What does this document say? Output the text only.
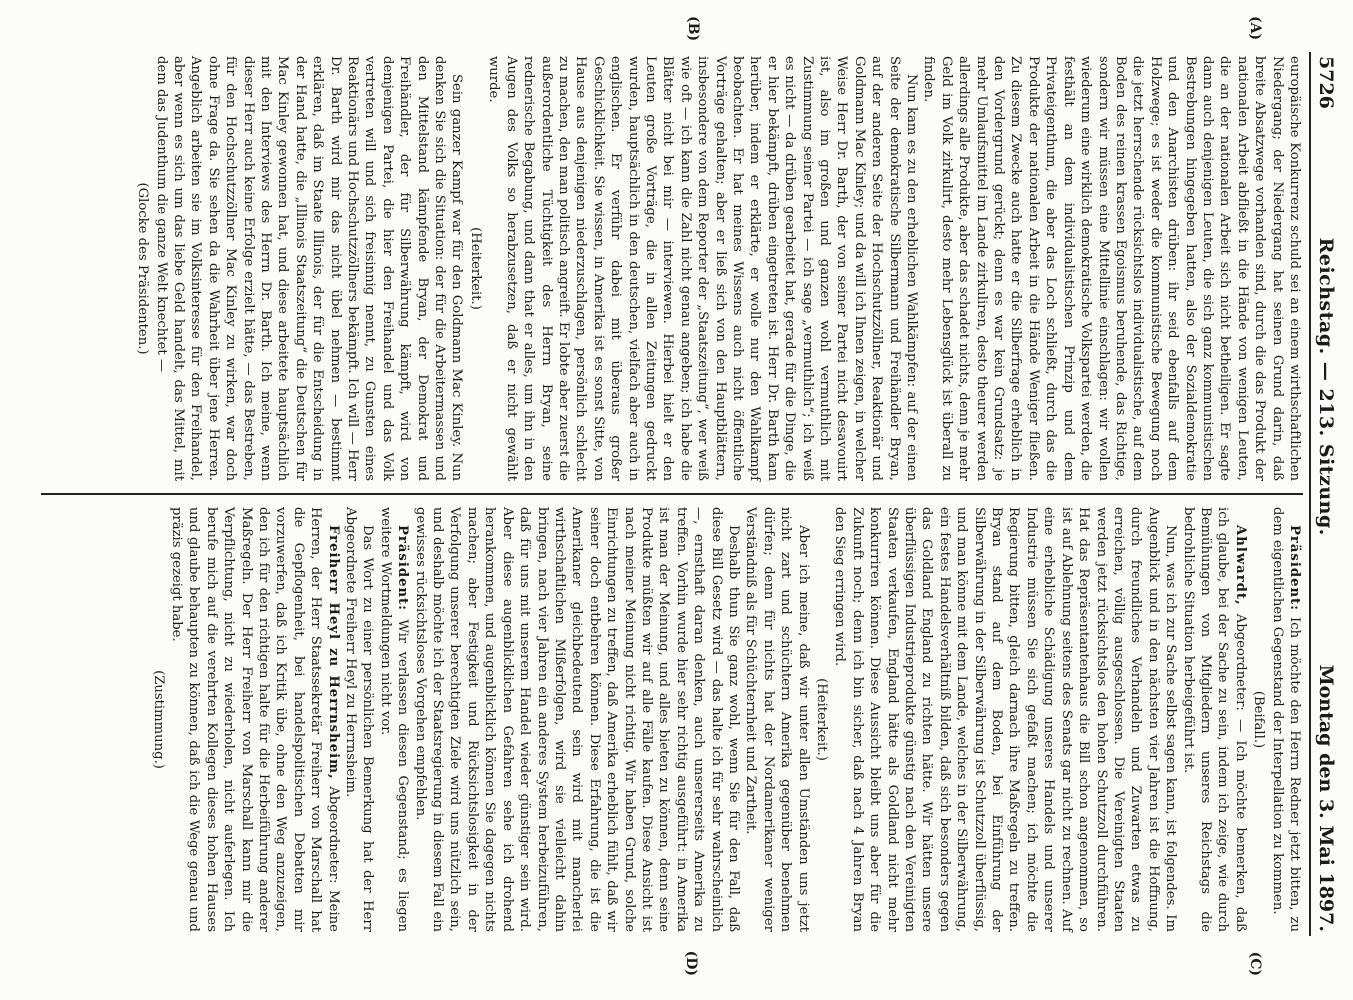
5726
Reichstag. — 213. Sitzung.
Montag den 3. Mai 1897.
(A)
(B)
(C)
(D)

europäische Konkurrenz schuld sei an einem wirthschaftlichen Niedergang; der Niedergang hat seinen Grund darin, daß breite Absatzwege vorhanden sind, durch die das Produkt der nationalen Arbeit abfließt in die Hände von wenigen Leuten, die an der nationalen Arbeit sich nicht betheiligen. Er sagte dann auch denjenigen Leuten, die sich ganz kommunistischen Bestrebungen hingegeben hatten, also der Sozialdemokratie und den Anarchisten drüben: ihr seid ebenfalls auf dem Holzwege; es ist weder die kommunistische Bewegung noch die jetzt herrschende rücksichtslos individualistische, auf dem Boden des reinen krassen Egoismus beruhende, das Richtige, sondern wir müssen eine Mittellinie einschlagen: wir wollen wiederum eine wirklich demokratische Volkspartei werden, die festhält an dem individualistischen Prinzip und dem Privateigenthum, die aber das Loch schließt, durch das die Produkte der nationalen Arbeit in die Hände Weniger fließen. Zu diesem Zwecke auch hatte er die Silberfrage erheblich in den Vordergrund gerückt; denn es war kein Grundsatz: je mehr Umlaufsmittel im Lande zirkuliren, desto theurer werden allerdings alle Produkte, aber das schadet nichts, denn je mehr Geld im Volk zirkulirt, desto mehr Lebensglück ist überall zu finden.

Nun kam es zu den erheblichen Wahlkämpfen: auf der einen Seite der demokratische Silbermann und Freihändler Bryan, auf der anderen Seite der Hochschutzzöllner, Reaktionär und Goldmann Mac Kinley; und da will ich Ihnen zeigen, in welcher Weise Herr Dr. Barth, der von seiner Partei nicht desavouirt ist, also im großen und ganzen wohl vermuthlich mit Zustimmung seiner Partei — ich sage „vermuthlich“; ich weiß es nicht — da drüben gearbeitet hat, gerade für die Dinge, die er hier bekämpft, drüben eingetreten ist. Herr Dr. Barth kam herüber, indem er erklärte, er wolle nur den Wahlkampf beobachten. Er hat meines Wissens auch nicht öffentliche Vorträge gehalten; aber er ließ sich von den Hauptblättern, insbesondere von dem Reporter der „Staatszeitung“, wer weiß wie oft — ich kann die Zahl nicht genau angeben; ich habe die Blätter nicht bei mir — interviewen. Hierbei hielt er den Leuten große Vorträge, die in allen Zeitungen gedruckt wurden, hauptsächlich in den deutschen, vielfach aber auch in englischen. Er verführ dabei mit überaus großer Geschicklichkeit. Sie wissen, in Amerika ist es sonst Sitte, von Hause aus denjenigen niederzuschlagen, persönlich schlecht zu machen, den man politisch angreift. Er lobte aber zuerst die außerordentliche Tüchtigkeit des Herrn Bryan, seine rednerische Begabung, und dann that er alles, um ihn in den Augen des Volks so herabzusetzen, daß er nicht gewählt wurde.

(Heiterkeit.)

Sein ganzer Kampf war für den Goldmann Mac Kinley. Nun denken Sie sich die Situation: der für die Arbeitermassen und den Mittelstand kämpfende Bryan, der Demokrat und Freihändler, der für Silberwährung kämpft, wird von demjenigen Partei, die hier den Freihandel und das Volk vertreten will und sich freisinnig nennt, zu Gunsten eines Reaktionärs und Hochschutzzöllners bekämpft. Ich will — Herr Dr. Barth wird mir das nicht übel nehmen — bestimmt erklären, daß im Staate Illinois, der für die Entscheidung in der Hand hatte, die „Illinois Staatszeitung“ die Deutschen für Mac Kinley gewonnen hat, und diese arbeitete hauptsächlich mit den Interviews des Herrn Dr. Barth. Ich meine, wenn dieser Herr auch keine Erfolge erzielt hätte, — das Bestreben, für den Hochschutzzöllner Mac Kinley zu wirken, war doch ohne Frage da. Sie sehen da die Wahrheit über jene Herren. Angeblich arbeiten sie im Volksinteresse für den Freihandel, aber wenn es sich um das liebe Geld handelt, das Mittel, mit dem das Judenthum die ganze Welt knechtet —

(Glocke des Präsidenten.)

Präsident: Ich möchte den Herrn Redner jetzt bitten, zu dem eigentlichen Gegenstand der Interpellation zu kommen.

(Beifall.)

Ahlwardt, Abgeordneter: — Ich möchte bemerken, daß ich glaube, bei der Sache zu sein, indem ich zeige, wie durch Bemühungen von Mitgliedern unseres Reichstags die bedrohliche Situation herbeigeführt ist.

Nun, was ich zur Sache selbst sagen kann, ist folgendes. Im Augenblick und in den nächsten vier Jahren ist die Hoffnung, durch freundliches Verhandeln und Zuwarten etwas zu erreichen, völlig ausgeschlossen. Die Vereinigten Staaten werden jetzt rücksichtslos den hohen Schutzzoll durchführen. Hat das Repräsentantenhaus die Bill schon angenommen, so ist auf Ablehnung seitens des Senats gar nicht zu rechnen. Auf eine erhebliche Schädigung unseres Handels und unserer Industrie müssen Sie sich gefaßt machen; ich möchte die Regierung bitten, gleich darnach ihre Maßregeln zu treffen. Bryan stand auf dem Boden, bei Einführung der Silberwährung in der Silberwährung ist Schutzzoll überflüssig, und man könne mit dem Lande, welches in der Silberwährung, ein festes Handelsverhältniß bilden, daß sich besonders gegen das Goldland England zu richten hätte. Wir hätten unsere überflüssigen Industrieprodukte günstig nach den Vereinigten Staaten verkaufen, England hätte als Goldland nicht mehr konkurriren können. Diese Aussicht bleibt uns aber für die Zukunft noch; denn ich bin sicher, daß nach 4 Jahren Bryan den Sieg erringen wird.

(Heiterkeit.)

Aber ich meine, daß wir unter allen Umständen uns jetzt nicht zart und schüchtern Amerika gegenüber benehmen dürfen; denn für nichts hat der Nordamerikaner weniger Verständniß als für Schüchternheit und Zartheit.

Deshalb thun Sie ganz wohl, wenn Sie für den Fall, daß diese Bill Gesetz wird — das halte ich für sehr wahrscheinlich —, ernsthaft daran denken, auch unsererseits Amerika zu treffen. Vorhin wurde hier sehr richtig ausgeführt: in Amerika ist man der Meinung, und alles bieten zu können, denn seine Produkte müßten wir auf alle Fälle kaufen. Diese Ansicht ist nach meiner Meinung nicht richtig. Wir haben Grund, solche Einrichtungen zu treffen, daß Amerika erheblich fühlt, daß wir seiner doch entbehren können. Diese Erfahrung, die ist die Amerikaner gleichbedeutend sein wird mit mancherlei wirthschaftlichen Mißerfolgen, wird sie vielleicht dahin bringen, nach vier Jahren ein anderes System herbeizuführen, daß für uns mit unserem Handel wieder günstiger sein wird. Aber diese augenblicklichen Gefahren sehe ich drohend herankommen, und augenblicklich können Sie dagegen nichts machen; aber Festigkeit und Rücksichtslosigkeit in der Verfolgung unserer berechtigten Ziele wird uns nützlich sein, und deshalb möchte ich der Staatsregierung in diesem Fall ein gewisses rücksichtsloses Vorgehen empfehlen.

Präsident: Wir verlassen diesen Gegenstand; es liegen weitere Wortmeldungen nicht vor.

Das Wort zu einer persönlichen Bemerkung hat der Herr Abgeordnete Freiherr Heyl zu Herrnsheim.

Freiherr Heyl zu Herrnsheim, Abgeordneter: Meine Herren, der Herr Staatssekretär Freiherr von Marschall hat die Gepflogenheit, bei handelspolitischen Debatten mir vorzuwerfen, daß ich Kritik übe, ohne den Weg anzuzeigen, den ich für den richtigen halte für die Herbeiführung anderer Maßregeln. Der Herr Freiherr von Marschall kann mir die Verpflichtung, nicht zu wiederholen, nicht auferlegen. Ich berufe mich auf die verehrten Kollegen dieses hohen Hauses und glaube behaupten zu können, daß ich die Wege genau und präzis gezeigt habe.

(Zustimmung.)
